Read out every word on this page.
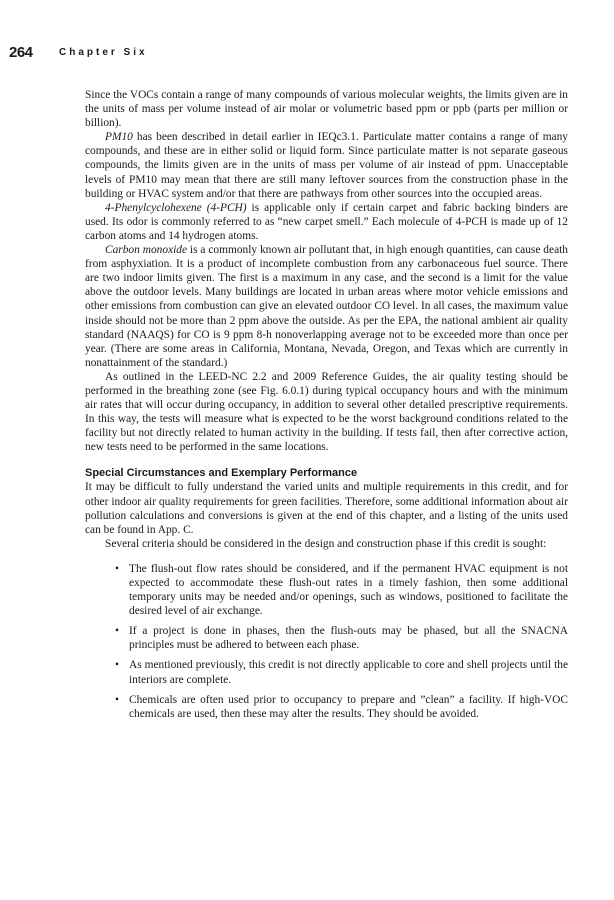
264	Chapter Six

Since the VOCs contain a range of many compounds of various molecular weights, the limits given are in the units of mass per volume instead of air molar or volumetric based ppm or ppb (parts per million or billion).

PM10 has been described in detail earlier in IEQc3.1. Particulate matter contains a range of many compounds, and these are in either solid or liquid form. Since particulate matter is not separate gaseous compounds, the limits given are in the units of mass per volume of air instead of ppm. Unacceptable levels of PM10 may mean that there are still many leftover sources from the construction phase in the building or HVAC system and/or that there are pathways from other sources into the occupied areas.

4-Phenylcyclohexene (4-PCH) is applicable only if certain carpet and fabric backing binders are used. Its odor is commonly referred to as “new carpet smell.” Each molecule of 4-PCH is made up of 12 carbon atoms and 14 hydrogen atoms.

Carbon monoxide is a commonly known air pollutant that, in high enough quantities, can cause death from asphyxiation. It is a product of incomplete combustion from any carbonaceous fuel source. There are two indoor limits given. The first is a maximum in any case, and the second is a limit for the value above the outdoor levels. Many buildings are located in urban areas where motor vehicle emissions and other emissions from combustion can give an elevated outdoor CO level. In all cases, the maximum value inside should not be more than 2 ppm above the outside. As per the EPA, the national ambient air quality standard (NAAQS) for CO is 9 ppm 8-h nonoverlapping average not to be exceeded more than once per year. (There are some areas in California, Montana, Nevada, Oregon, and Texas which are currently in nonattainment of the standard.)

As outlined in the LEED-NC 2.2 and 2009 Reference Guides, the air quality testing should be performed in the breathing zone (see Fig. 6.0.1) during typical occupancy hours and with the minimum air rates that will occur during occupancy, in addition to several other detailed prescriptive requirements. In this way, the tests will measure what is expected to be the worst background conditions related to the facility but not directly related to human activity in the building. If tests fail, then after corrective action, new tests need to be performed in the same locations.

Special Circumstances and Exemplary Performance

It may be difficult to fully understand the varied units and multiple requirements in this credit, and for other indoor air quality requirements for green facilities. Therefore, some additional information about air pollution calculations and conversions is given at the end of this chapter, and a listing of the units used can be found in App. C.

Several criteria should be considered in the design and construction phase if this credit is sought:

• The flush-out flow rates should be considered, and if the permanent HVAC equipment is not expected to accommodate these flush-out rates in a timely fashion, then some additional temporary units may be needed and/or openings, such as windows, positioned to facilitate the desired level of air exchange.
• If a project is done in phases, then the flush-outs may be phased, but all the SNACNA principles must be adhered to between each phase.
• As mentioned previously, this credit is not directly applicable to core and shell projects until the interiors are complete.
• Chemicals are often used prior to occupancy to prepare and ”clean” a facility. If high-VOC chemicals are used, then these may alter the results. They should be avoided.
